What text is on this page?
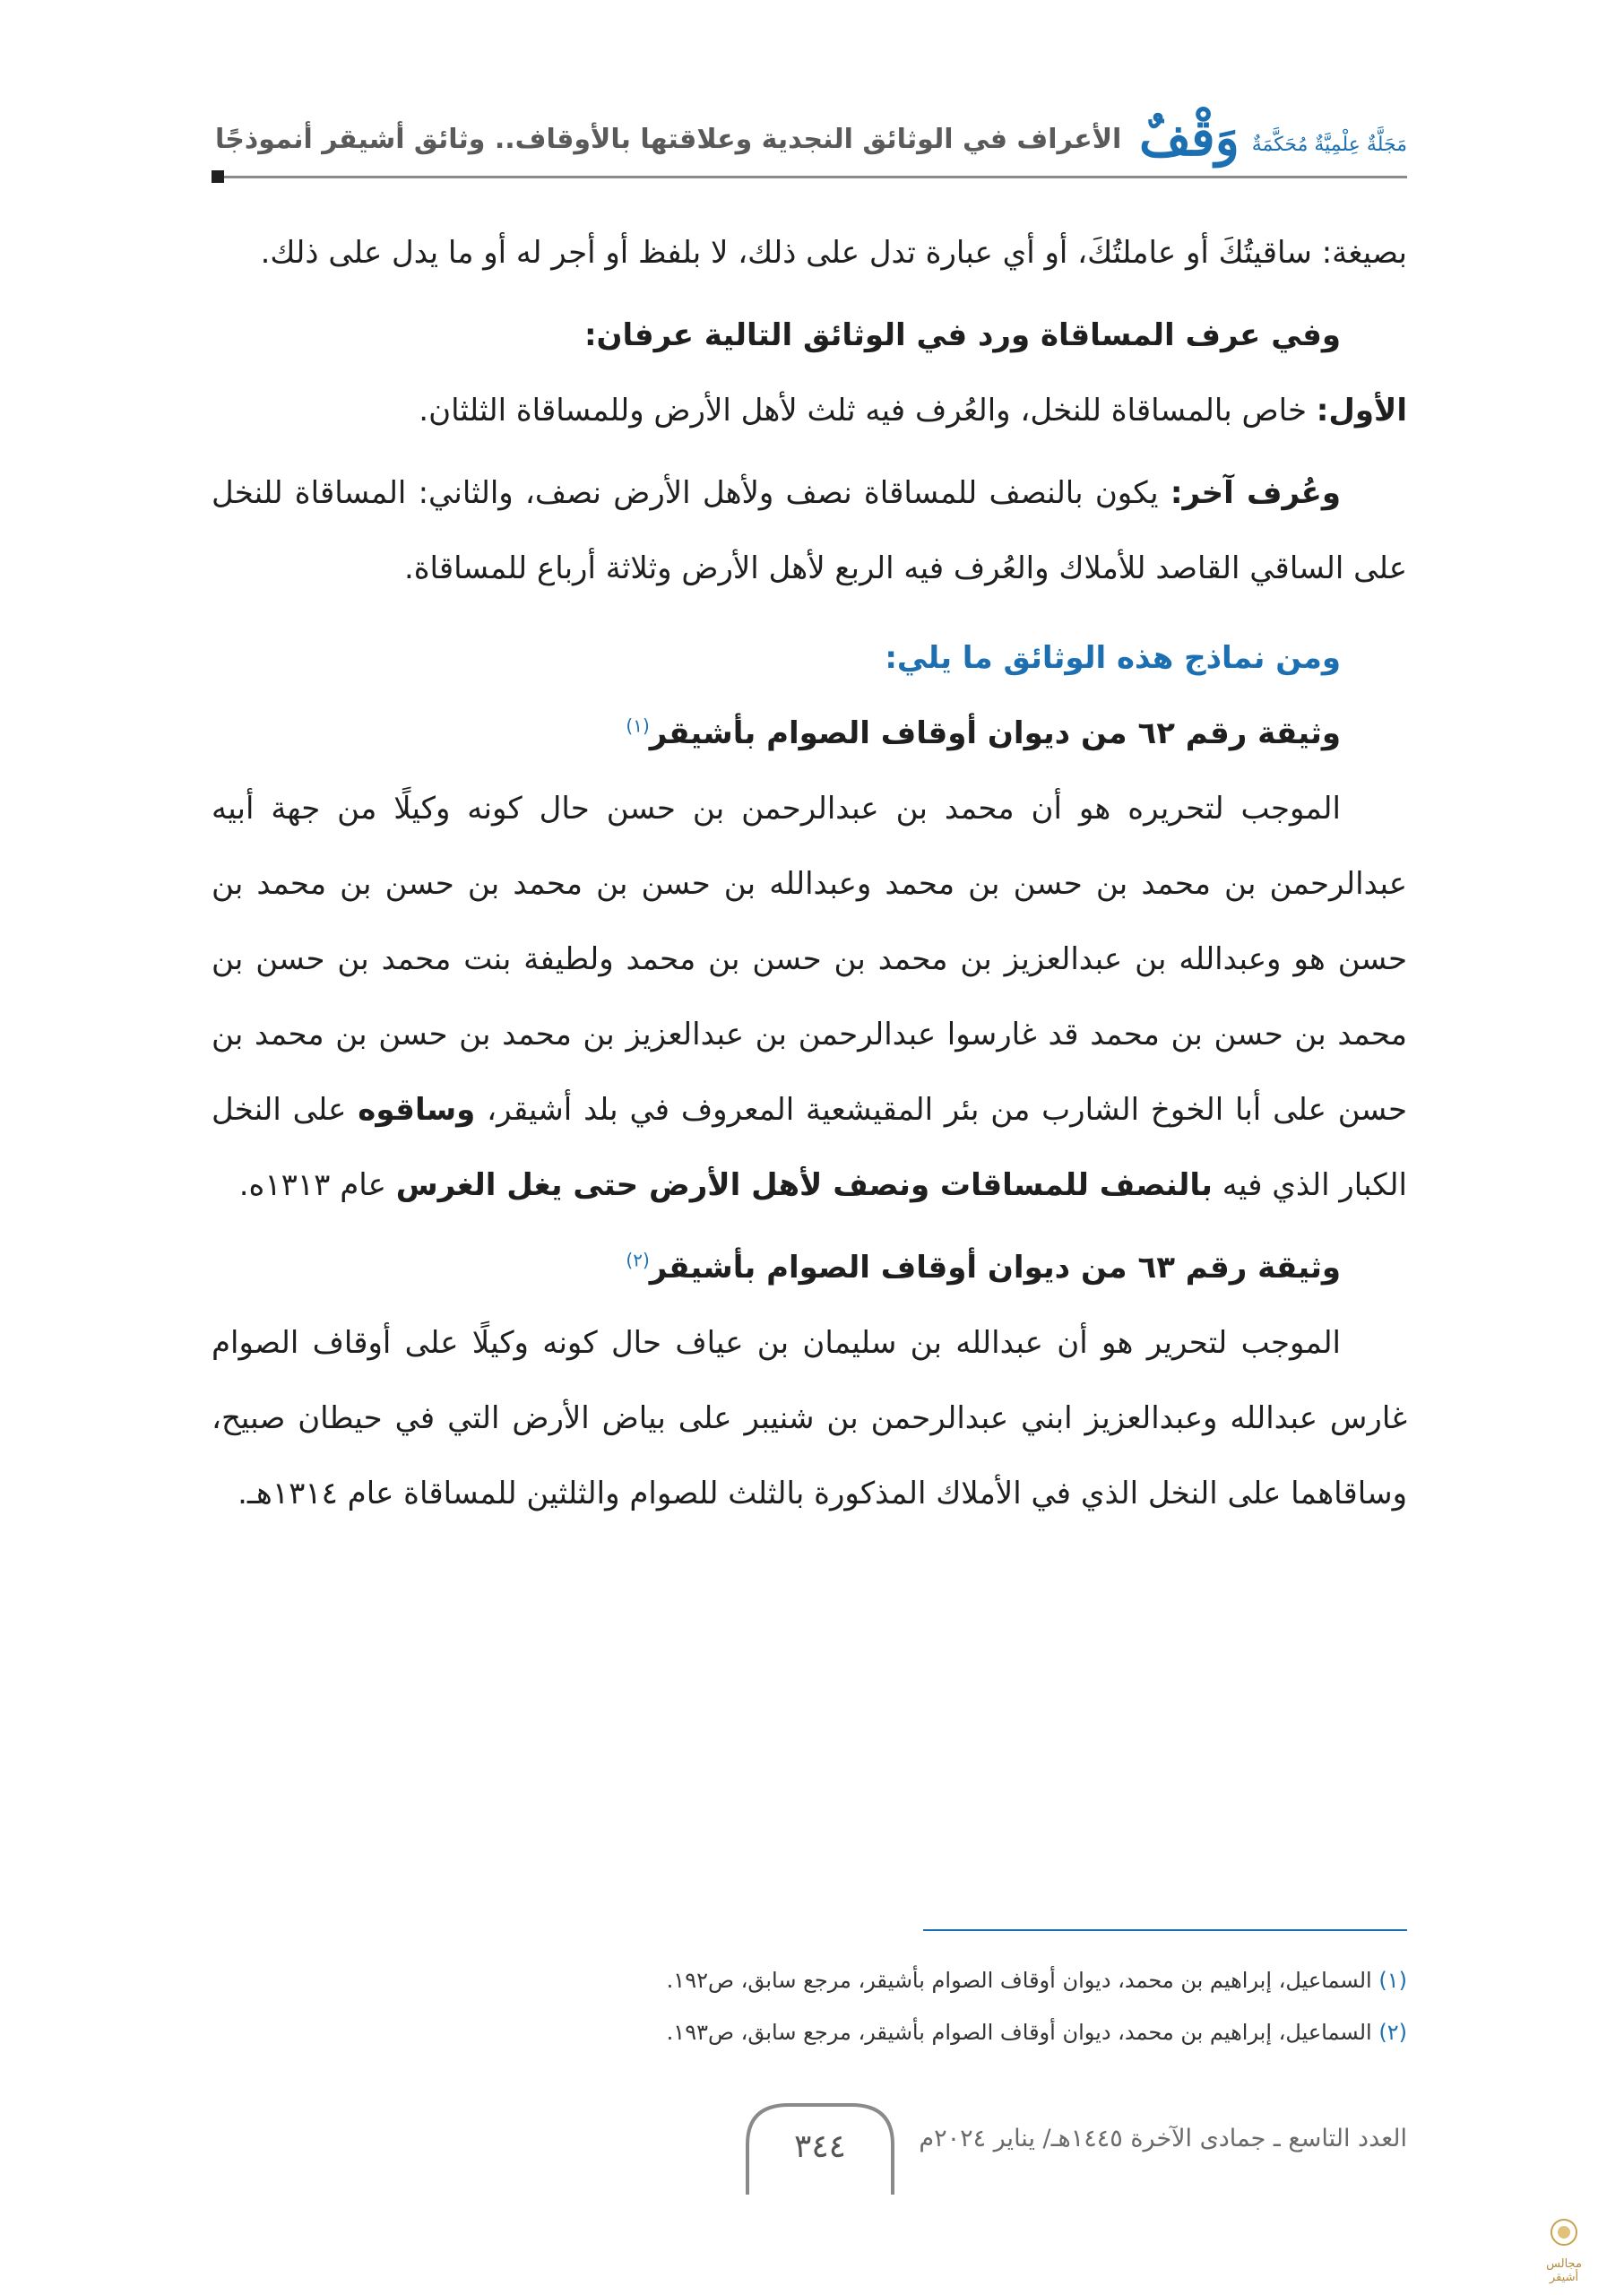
مَجَلَّةٌ عِلْمِيَّةٌ مُحَكَّمَةٌ
وَقْفٌ
الأعراف في الوثائق النجدية وعلاقتها بالأوقاف.. وثائق أشيقر أنموذجًا

بصيغة: ساقيتُكَ أو عاملتُكَ، أو أي عبارة تدل على ذلك، لا بلفظ أو أجر له أو ما يدل على ذلك.

وفي عرف المساقاة ورد في الوثائق التالية عرفان:

الأول: خاص بالمساقاة للنخل، والعُرف فيه ثلث لأهل الأرض وللمساقاة الثلثان.

وعُرف آخر: يكون بالنصف للمساقاة نصف ولأهل الأرض نصف، والثاني: المساقاة للنخل على الساقي القاصد للأملاك والعُرف فيه الربع لأهل الأرض وثلاثة أرباع للمساقاة.

ومن نماذج هذه الوثائق ما يلي:

وثيقة رقم ٦٢ من ديوان أوقاف الصوام بأشيقر$^{(١)}$

الموجب لتحريره هو أن محمد بن عبدالرحمن بن حسن حال كونه وكيلًا من جهة أبيه عبدالرحمن بن محمد بن حسن بن محمد وعبدالله بن حسن بن محمد بن حسن بن محمد بن حسن هو وعبدالله بن عبدالعزيز بن محمد بن حسن بن محمد ولطيفة بنت محمد بن حسن بن محمد بن حسن بن محمد قد غارسوا عبدالرحمن بن عبدالعزيز بن محمد بن حسن بن محمد بن حسن على أبا الخوخ الشارب من بئر المقيشعية المعروف في بلد أشيقر، وساقوه على النخل الكبار الذي فيه بالنصف للمساقات ونصف لأهل الأرض حتى يغل الغرس عام ١٣١٣ه.

وثيقة رقم ٦٣ من ديوان أوقاف الصوام بأشيقر$^{(٢)}$

الموجب لتحرير هو أن عبدالله بن سليمان بن عياف حال كونه وكيلًا على أوقاف الصوام غارس عبدالله وعبدالعزيز ابني عبدالرحمن بن شنيبر على بياض الأرض التي في حيطان صبيح، وساقاهما على النخل الذي في الأملاك المذكورة بالثلث للصوام والثلثين للمساقاة عام ١٣١٤هـ.

(١) السماعيل، إبراهيم بن محمد، ديوان أوقاف الصوام بأشيقر، مرجع سابق، ص١٩٢.
(٢) السماعيل، إبراهيم بن محمد، ديوان أوقاف الصوام بأشيقر، مرجع سابق، ص١٩٣.
العدد التاسع ـ جمادى الآخرة ١٤٤٥هـ/ يناير ٢٠٢٤م
٣٤٤
مجالس أشيقر
